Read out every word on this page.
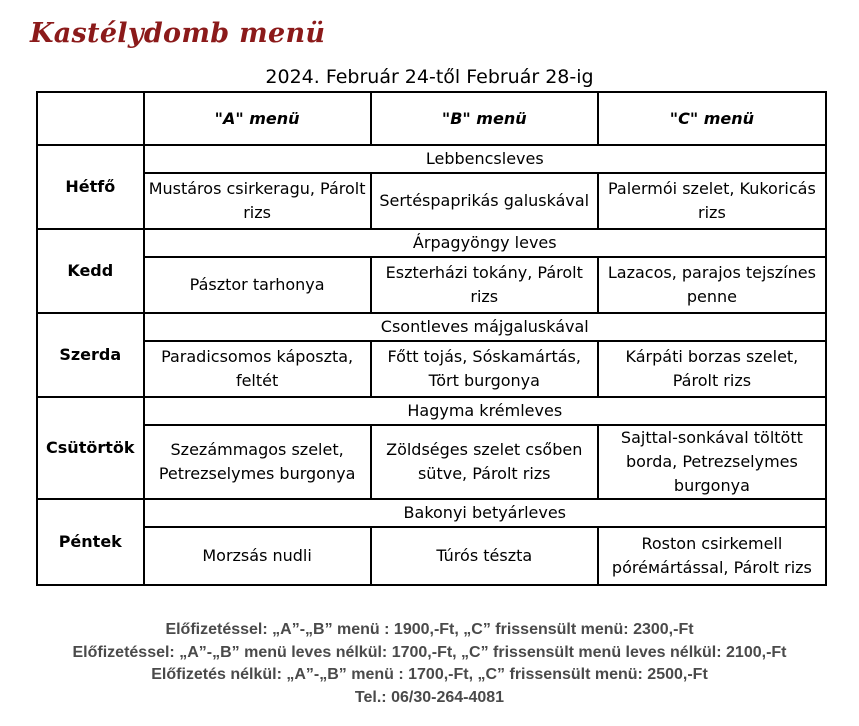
Kastélydomb menü
2024. Február 24-től Február 28-ig
	"A" menü	"B" menü	"C" menü
Hétfő	Lebbencsleves		
	Mustáros csirkeragu, Párolt rizs	Sertéspaprikás galuskával	Palermói szelet, Kukoricás rizs
Kedd	Árpagyöngy leves		
	Pásztor tarhonya	Eszterházi tokány, Párolt rizs	Lazacos, parajos tejszínes penne
Szerda	Csontleves májgaluskával		
	Paradicsomos káposzta, feltét	Főtt tojás, Sóskamártás, Tört burgonya	Kárpáti borzas szelet, Párolt rizs
Csütörtök	Hagyma krémleves		
	Szezámmagos szelet, Petrezselymes burgonya	Zöldséges szelet csőben sütve, Párolt rizs	Sajttal-sonkával töltött borda, Petrezselymes burgonya
Péntek	Bakonyi betyárleves		
	Morzsás nudli	Túrós tészta	Roston csirkemell póréмártással, Párolt rizs
Előfizetéssel: „A”-„B” menü : 1900,-Ft, „C” frissensült menü: 2300,-Ft
Előfizetéssel: „A”-„B” menü leves nélkül: 1700,-Ft, „C” frissensült menü leves nélkül: 2100,-Ft
Előfizetés nélkül: „A”-„B” menü : 1700,-Ft, „C” frissensült menü: 2500,-Ft
Tel.: 06/30-264-4081
